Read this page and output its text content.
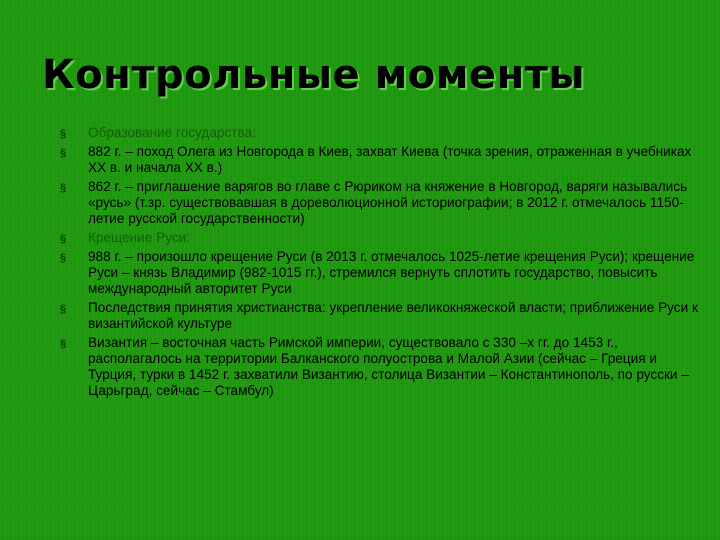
Контрольные моменты
§ Образование государства:
§ 882 г. – поход Олега из Новгорода в Киев, захват Киева (точка зрения, отраженная в учебниках ХХ в. и начала ХХ в.)
§ 862 г. – приглашение варягов во главе с Рюриком на княжение в Новгород, варяги назывались «русь» (т.зр. существовавшая в дореволюционной историографии; в 2012 г. отмечалось 1150- летие русской государственности)
§ Крещение Руси:
§ 988 г. – произошло крещение Руси (в 2013 г. отмечалось 1025-летие крещения Руси); крещение Руси – князь Владимир (982-1015 гг.), стремился вернуть сплотить государство, повысить международный авторитет Руси
§ Последствия принятия христианства: укрепление великокняжеской власти; приближение Руси к византийской культуре
§ Византия – восточная часть Римской империи, существовало с 330 –х гг. до 1453 г., располагалось на территории Балканского полуострова и Малой Азии (сейчас – Греция и Турция, турки в 1452 г. захватили Византию, столица Византии – Константинополь, по русски – Царьград, сейчас – Стамбул)
